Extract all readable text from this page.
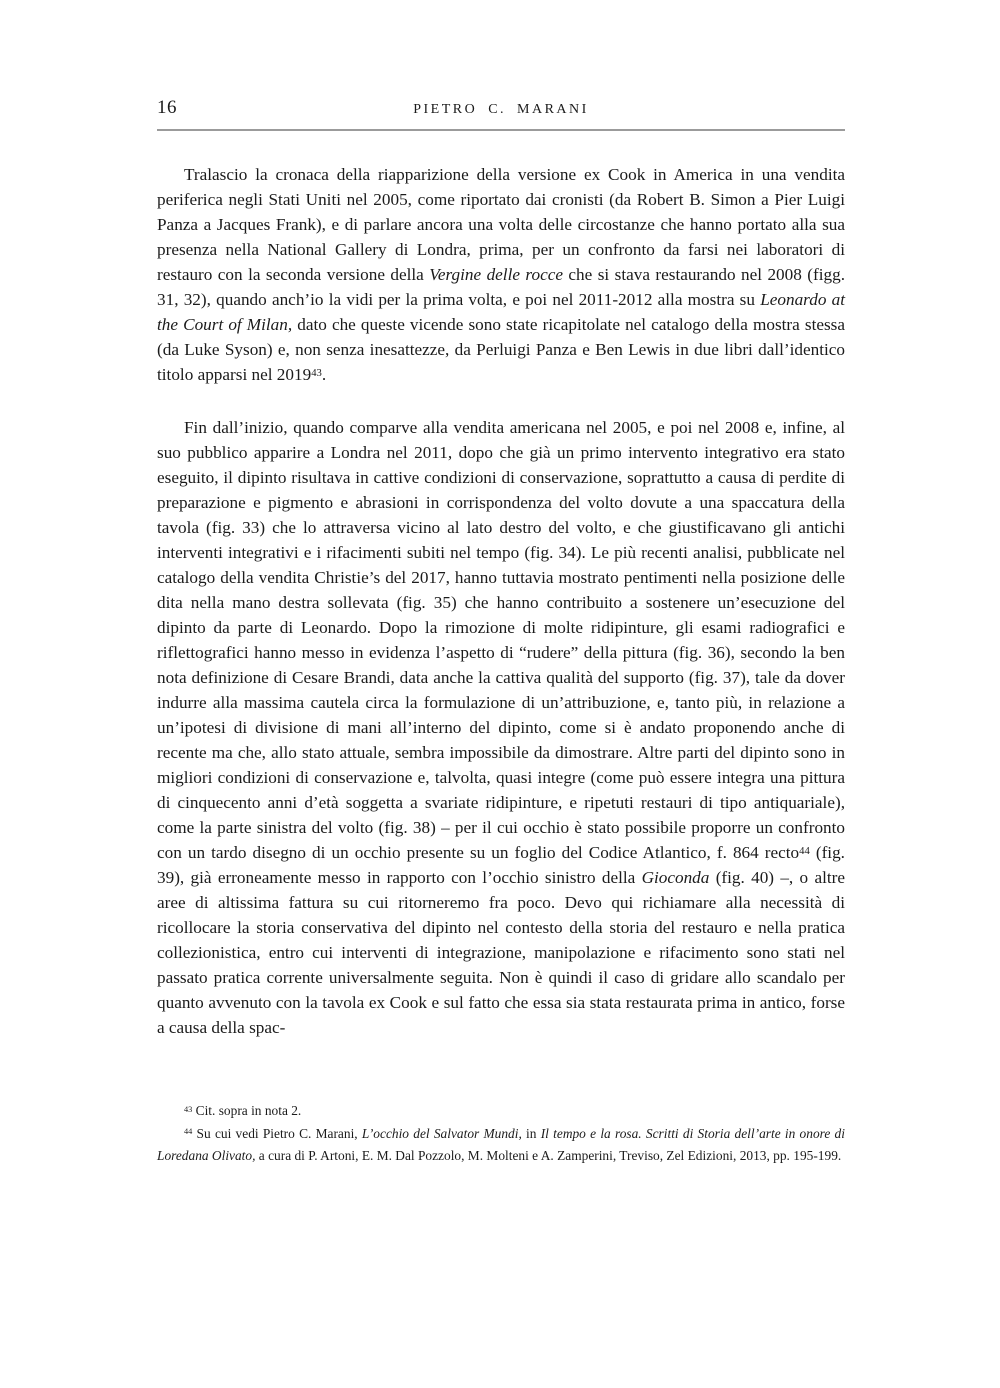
16	PIETRO C. MARANI

Tralascio la cronaca della riapparizione della versione ex Cook in America in una vendita periferica negli Stati Uniti nel 2005, come riportato dai cronisti (da Robert B. Simon a Pier Luigi Panza a Jacques Frank), e di parlare ancora una volta delle circostanze che hanno portato alla sua presenza nella National Gallery di Londra, prima, per un confronto da farsi nei laboratori di restauro con la seconda versione della Vergine delle rocce che si stava restaurando nel 2008 (figg. 31, 32), quando anch’io la vidi per la prima volta, e poi nel 2011-2012 alla mostra su Leonardo at the Court of Milan, dato che queste vicende sono state ricapitolate nel catalogo della mostra stessa (da Luke Syson) e, non senza inesattezze, da Perluigi Panza e Ben Lewis in due libri dall’identico titolo apparsi nel 2019$^{43}$.

Fin dall’inizio, quando comparve alla vendita americana nel 2005, e poi nel 2008 e, infine, al suo pubblico apparire a Londra nel 2011, dopo che già un primo intervento integrativo era stato eseguito, il dipinto risultava in cattive condizioni di conservazione, soprattutto a causa di perdite di preparazione e pigmento e abrasioni in corrispondenza del volto dovute a una spaccatura della tavola (fig. 33) che lo attraversa vicino al lato destro del volto, e che giustificavano gli antichi interventi integrativi e i rifacimenti subiti nel tempo (fig. 34). Le più recenti analisi, pubblicate nel catalogo della vendita Christie’s del 2017, hanno tuttavia mostrato pentimenti nella posizione delle dita nella mano destra sollevata (fig. 35) che hanno contribuito a sostenere un’esecuzione del dipinto da parte di Leonardo. Dopo la rimozione di molte ridipinture, gli esami radiografici e riflettografici hanno messo in evidenza l’aspetto di “rudere” della pittura (fig. 36), secondo la ben nota definizione di Cesare Brandi, data anche la cattiva qualità del supporto (fig. 37), tale da dover indurre alla massima cautela circa la formulazione di un’attribuzione, e, tanto più, in relazione a un’ipotesi di divisione di mani all’interno del dipinto, come si è andato proponendo anche di recente ma che, allo stato attuale, sembra impossibile da dimostrare. Altre parti del dipinto sono in migliori condizioni di conservazione e, talvolta, quasi integre (come può essere integra una pittura di cinquecento anni d’età soggetta a svariate ridipinture, e ripetuti restauri di tipo antiquariale), come la parte sinistra del volto (fig. 38) – per il cui occhio è stato possibile proporre un confronto con un tardo disegno di un occhio presente su un foglio del Codice Atlantico, f. 864 recto$^{44}$ (fig. 39), già erroneamente messo in rapporto con l’occhio sinistro della Gioconda (fig. 40) –, o altre aree di altissima fattura su cui ritorneremo fra poco. Devo qui richiamare alla necessità di ricollocare la storia conservativa del dipinto nel contesto della storia del restauro e nella pratica collezionistica, entro cui interventi di integrazione, manipolazione e rifacimento sono stati nel passato pratica corrente universalmente seguita. Non è quindi il caso di gridare allo scandalo per quanto avvenuto con la tavola ex Cook e sul fatto che essa sia stata restaurata prima in antico, forse a causa della spac-

$^{43}$ Cit. sopra in nota 2.

$^{44}$ Su cui vedi Pietro C. Marani, L’occhio del Salvator Mundi, in Il tempo e la rosa. Scritti di Storia dell’arte in onore di Loredana Olivato, a cura di P. Artoni, E. M. Dal Pozzolo, M. Molteni e A. Zamperini, Treviso, Zel Edizioni, 2013, pp. 195-199.
